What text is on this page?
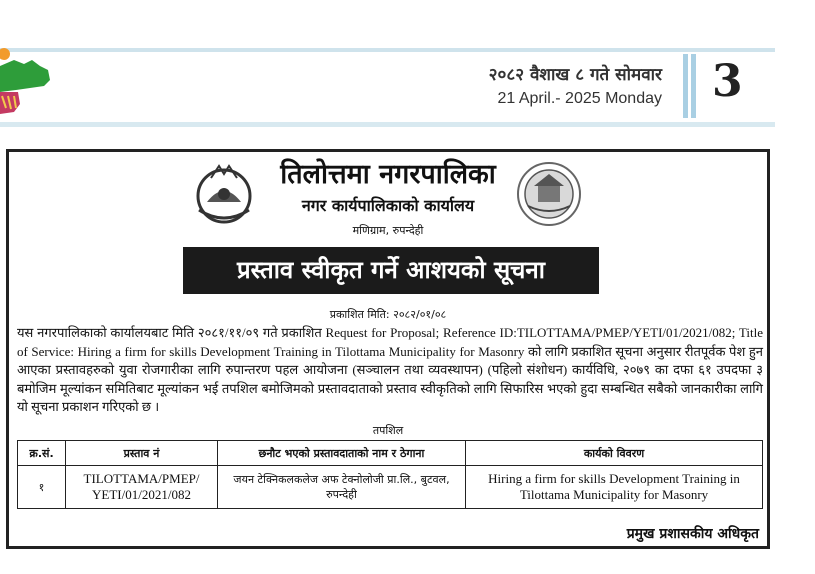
२०८२ वैशाख ८ गते सोमवार
21 April.- 2025 Monday 3
तिलोत्तमा नगरपालिका
नगर कार्यपालिकाको कार्यालय
मणिग्राम, रुपन्देही
प्रस्ताव स्वीकृत गर्ने आशयको सूचना
प्रकाशित मिति: २०८२/०१/०८

यस नगरपालिकाको कार्यालयबाट मिति २०८१/११/०९ गते प्रकाशित Request for Proposal; Reference ID:TILOTTAMA/PMEP/YETI/01/2021/082; Title of Service: Hiring a firm for skills Development Training in Tilottama Municipality for Masonry को लागि प्रकाशित सूचना अनुसार रीतपूर्वक पेश हुन आएका प्रस्तावहरुको युवा रोजगारीका लागि रुपान्तरण पहल आयोजना (सञ्चालन तथा व्यवस्थापन) (पहिलो संशोधन) कार्यविधि, २०७९ का दफा ६१ उपदफा ३ बमोजिम मूल्यांकन समितिबाट मूल्यांकन भई तपशिल बमोजिमको प्रस्तावदाताको प्रस्ताव स्वीकृतिको लागि सिफारिस भएको हुदा सम्बन्धित सबैको जानकारीका लागि यो सूचना प्रकाशन गरिएको छ ।

तपशिल
क्र.सं.	प्रस्ताव नं	छनौट भएको प्रस्तावदाताको नाम र ठेगाना	कार्यको विवरण
१	TILOTTAMA/PMEP/ YETI/01/2021/082	जयन टेक्निकलकलेज अफ टेक्नोलोजी प्रा.लि., बुटवल, रुपन्देही	Hiring a firm for skills Development Training in Tilottama Municipality for Masonry
प्रमुख प्रशासकीय अधिकृत
